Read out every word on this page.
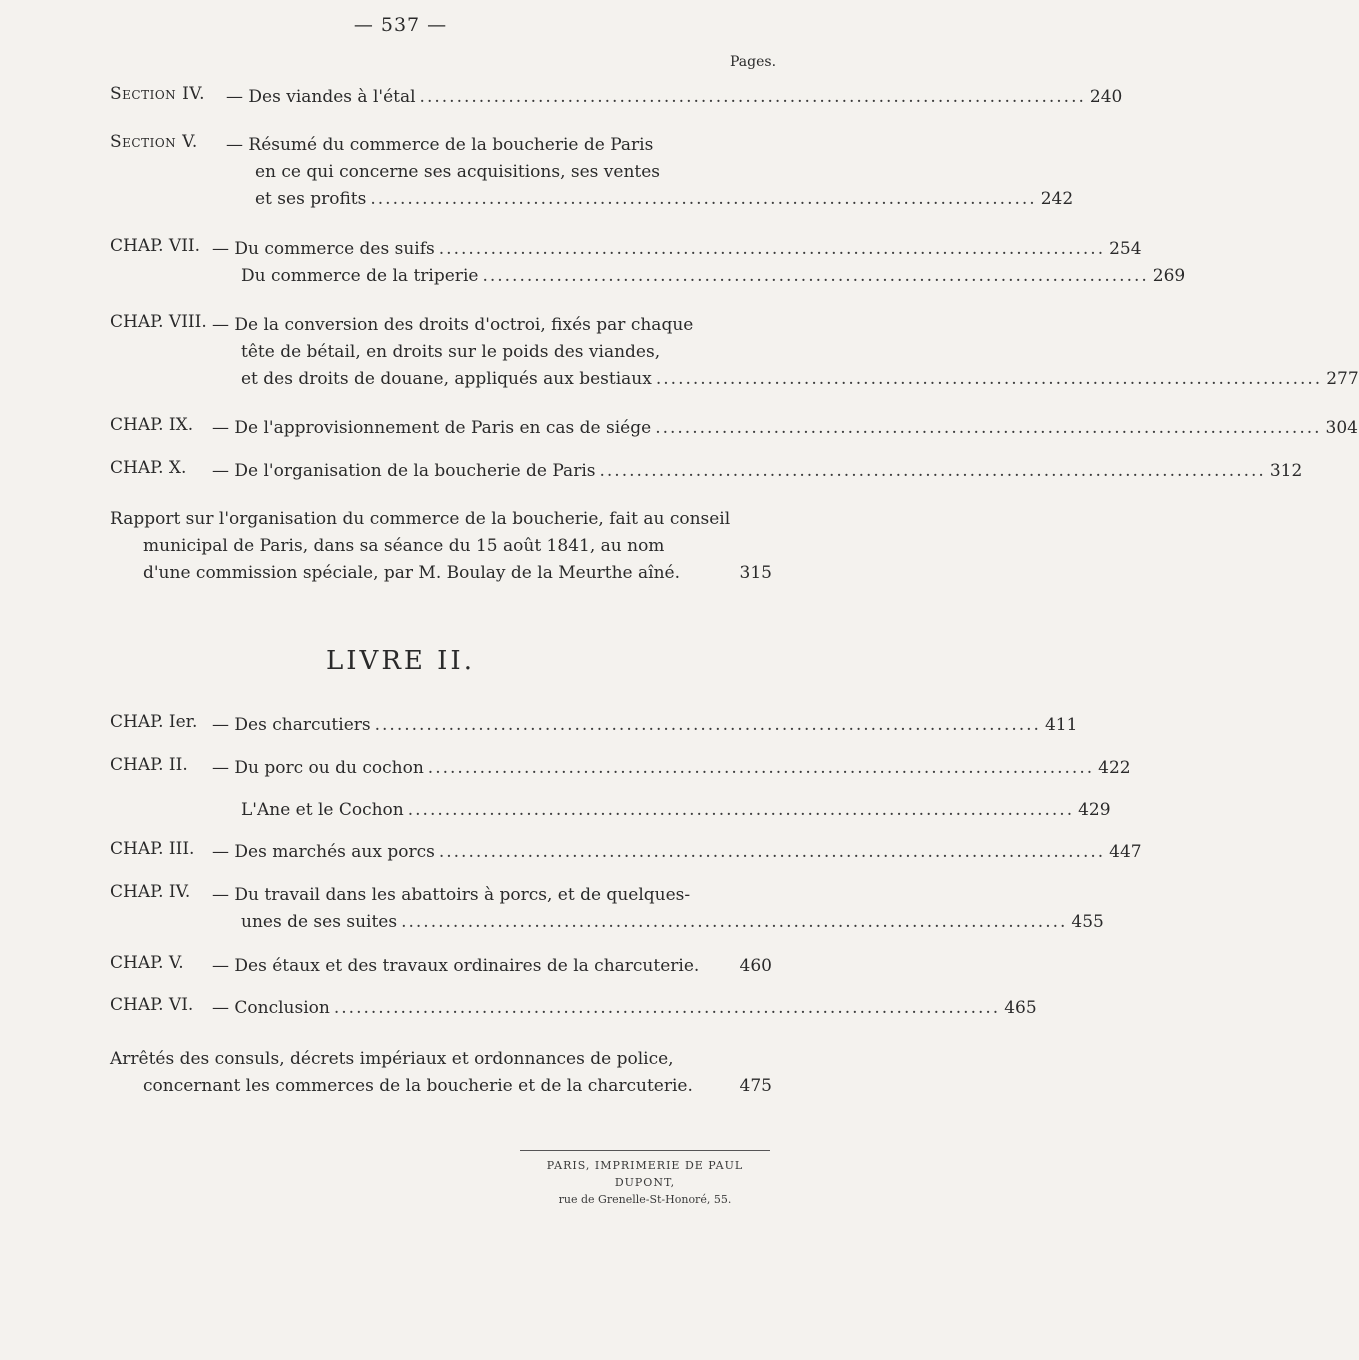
— 537 —
Pages.
Section IV. — Des viandes à l'étal .......................................................................................... 240
Section V. — Résumé du commerce de la boucherie de Paris
en ce qui concerne ses acquisitions, ses ventes
et ses profits .......................................................................................... 242
CHAP. VII. — Du commerce des suifs .......................................................................................... 254
Du commerce de la triperie .......................................................................................... 269
CHAP. VIII. — De la conversion des droits d'octroi, fixés par chaque
tête de bétail, en droits sur le poids des viandes,
et des droits de douane, appliqués aux bestiaux .......................................................................................... 277
CHAP. IX. — De l'approvisionnement de Paris en cas de siége .......................................................................................... 304
CHAP. X. — De l'organisation de la boucherie de Paris .......................................................................................... 312
Rapport sur l'organisation du commerce de la boucherie, fait au conseil
municipal de Paris, dans sa séance du 15 août 1841, au nom
d'une commission spéciale, par M. Boulay de la Meurthe aîné.	315
LIVRE II.
CHAP. Ier. — Des charcutiers .......................................................................................... 411
CHAP. II. — Du porc ou du cochon .......................................................................................... 422
L'Ane et le Cochon .......................................................................................... 429
CHAP. III. — Des marchés aux porcs .......................................................................................... 447
CHAP. IV. — Du travail dans les abattoirs à porcs, et de quelques-
unes de ses suites .......................................................................................... 455
CHAP. V. — Des étaux et des travaux ordinaires de la charcuterie. 460
CHAP. VI. — Conclusion .......................................................................................... 465
Arrêtés des consuls, décrets impériaux et ordonnances de police,
concernant les commerces de la boucherie et de la charcuterie.	475
PARIS, IMPRIMERIE DE PAUL DUPONT,
rue de Grenelle-St-Honoré, 55.
